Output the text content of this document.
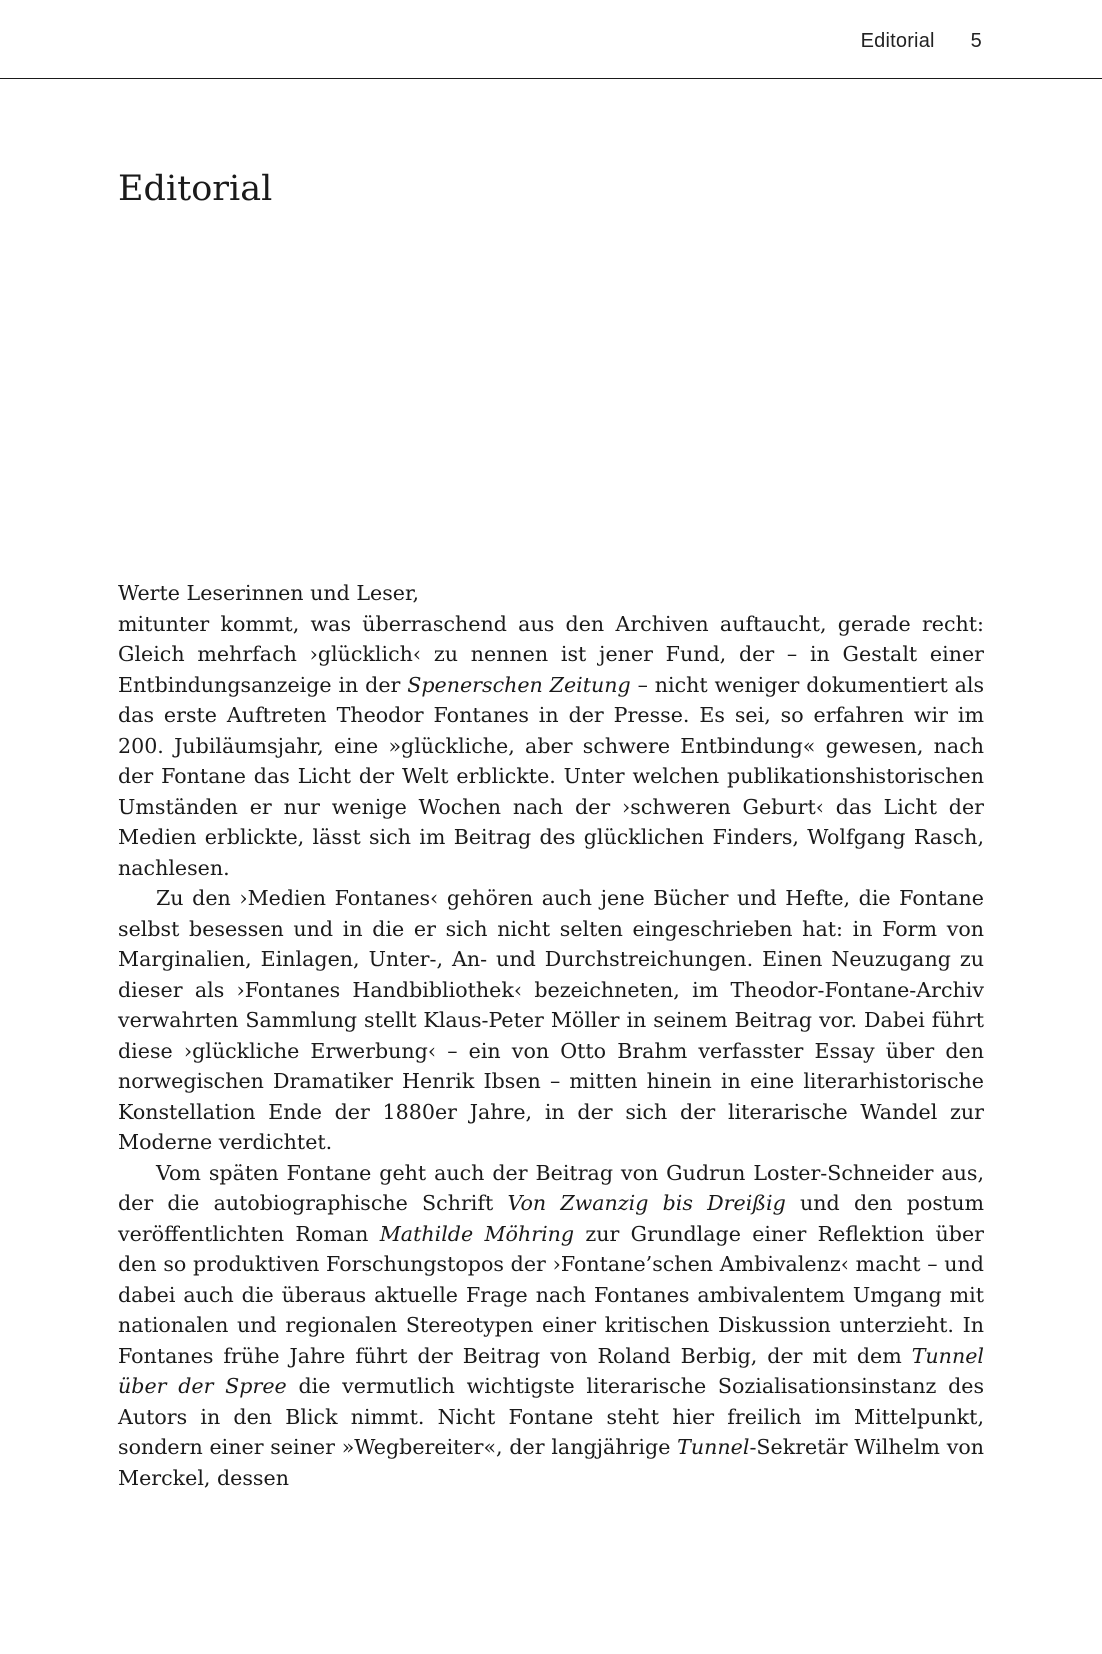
Editorial 5
Editorial

Werte Leserinnen und Leser,

mitunter kommt, was überraschend aus den Archiven auftaucht, gerade recht: Gleich mehrfach ›glücklich‹ zu nennen ist jener Fund, der – in Gestalt einer Entbindungsanzeige in der Spenerschen Zeitung – nicht weniger dokumentiert als das erste Auftreten Theodor Fontanes in der Presse. Es sei, so erfahren wir im 200. Jubiläumsjahr, eine »glückliche, aber schwere Entbindung« gewesen, nach der Fontane das Licht der Welt erblickte. Unter welchen publikationshistorischen Umständen er nur wenige Wochen nach der ›schweren Geburt‹ das Licht der Medien erblickte, lässt sich im Beitrag des glücklichen Finders, Wolfgang Rasch, nachlesen.

Zu den ›Medien Fontanes‹ gehören auch jene Bücher und Hefte, die Fontane selbst besessen und in die er sich nicht selten eingeschrieben hat: in Form von Marginalien, Einlagen, Unter-, An- und Durchstreichungen. Einen Neuzugang zu dieser als ›Fontanes Handbibliothek‹ bezeichneten, im Theodor-Fontane-Archiv verwahrten Sammlung stellt Klaus-Peter Möller in seinem Beitrag vor. Dabei führt diese ›glückliche Erwerbung‹ – ein von Otto Brahm verfasster Essay über den norwegischen Dramatiker Henrik Ibsen – mitten hinein in eine literarhistorische Konstellation Ende der 1880er Jahre, in der sich der literarische Wandel zur Moderne verdichtet.

Vom späten Fontane geht auch der Beitrag von Gudrun Loster-Schneider aus, der die autobiographische Schrift Von Zwanzig bis Dreißig und den postum veröffentlichten Roman Mathilde Möhring zur Grundlage einer Reflektion über den so produktiven Forschungstopos der ›Fontane’schen Ambivalenz‹ macht – und dabei auch die überaus aktuelle Frage nach Fontanes ambivalentem Umgang mit nationalen und regionalen Stereotypen einer kritischen Diskussion unterzieht. In Fontanes frühe Jahre führt der Beitrag von Roland Berbig, der mit dem Tunnel über der Spree die vermutlich wichtigste literarische Sozialisationsinstanz des Autors in den Blick nimmt. Nicht Fontane steht hier freilich im Mittelpunkt, sondern einer seiner »Wegbereiter«, der langjährige Tunnel-Sekretär Wilhelm von Merckel, dessen
